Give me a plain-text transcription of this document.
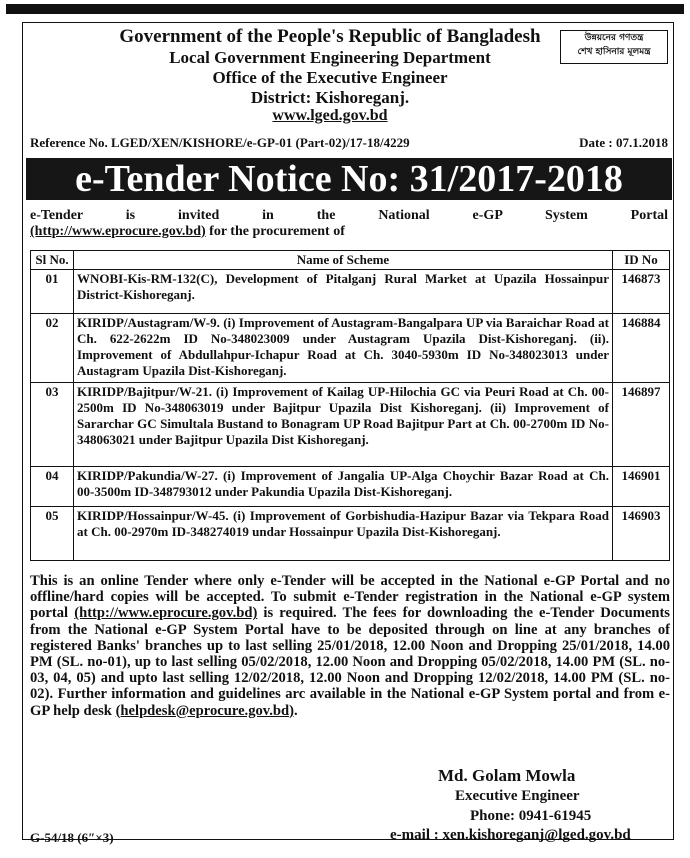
Government of the People's Republic of Bangladesh
Local Government Engineering Department
Office of the Executive Engineer
District: Kishoreganj.
www.lged.gov.bd
উন্নয়নের গণতন্ত্র
শেখ হাসিনার মূলমন্ত্র
Reference No. LGED/XEN/KISHORE/e-GP-01 (Part-02)/17-18/4229	Date : 07.1.2018
e-Tender Notice No: 31/2017-2018
e-Tender is invited in the National e-GP System Portal
(http://www.eprocure.gov.bd) for the procurement of
Sl No.	Name of Scheme	ID No
01	WNOBI-Kis-RM-132(C), Development of Pitalganj Rural Market at Upazila Hossainpur District-Kishoreganj.	146873
02	KIRIDP/Austagram/W-9. (i) Improvement of Austagram-Bangalpara UP via Baraichar Road at Ch. 622-2622m ID No-348023009 under Austagram Upazila Dist-Kishoreganj. (ii). Improvement of Abdullahpur-Ichapur Road at Ch. 3040-5930m ID No-348023013 under Austagram Upazila Dist-Kishoreganj.	146884
03	KIRIDP/Bajitpur/W-21. (i) Improvement of Kailag UP-Hilochia GC via Peuri Road at Ch. 00-2500m ID No-348063019 under Bajitpur Upazila Dist Kishoreganj. (ii) Improvement of Sararchar GC Simultala Bustand to Bonagram UP Road Bajitpur Part at Ch. 00-2700m ID No-348063021 under Bajitpur Upazila Dist Kishoreganj.	146897
04	KIRIDP/Pakundia/W-27. (i) Improvement of Jangalia UP-Alga Choychir Bazar Road at Ch. 00-3500m ID-348793012 under Pakundia Upazila Dist-Kishoreganj.	146901
05	KIRIDP/Hossainpur/W-45. (i) Improvement of Gorbishudia-Hazipur Bazar via Tekpara Road at Ch. 00-2970m ID-348274019 undar Hossainpur Upazila Dist-Kishoreganj.	146903
This is an online Tender where only e-Tender will be accepted in the National e-GP Portal and no offline/hard copies will be accepted. To submit e-Tender registration in the National e-GP system portal (http://www.eprocure.gov.bd) is required. The fees for downloading the e-Tender Documents from the National e-GP System Portal have to be deposited through on line at any branches of registered Banks' branches up to last selling 25/01/2018, 12.00 Noon and Dropping 25/01/2018, 14.00 PM (SL. no-01), up to last selling 05/02/2018, 12.00 Noon and Dropping 05/02/2018, 14.00 PM (SL. no-03, 04, 05) and upto last selling 12/02/2018, 12.00 Noon and Dropping 12/02/2018, 14.00 PM (SL. no-02). Further information and guidelines arc available in the National e-GP System portal and from e-GP help desk (helpdesk@eprocure.gov.bd).
Md. Golam Mowla
Executive Engineer
Phone: 0941-61945
e-mail : xen.kishoreganj@lged.gov.bd
G-54/18 (6″×3)
